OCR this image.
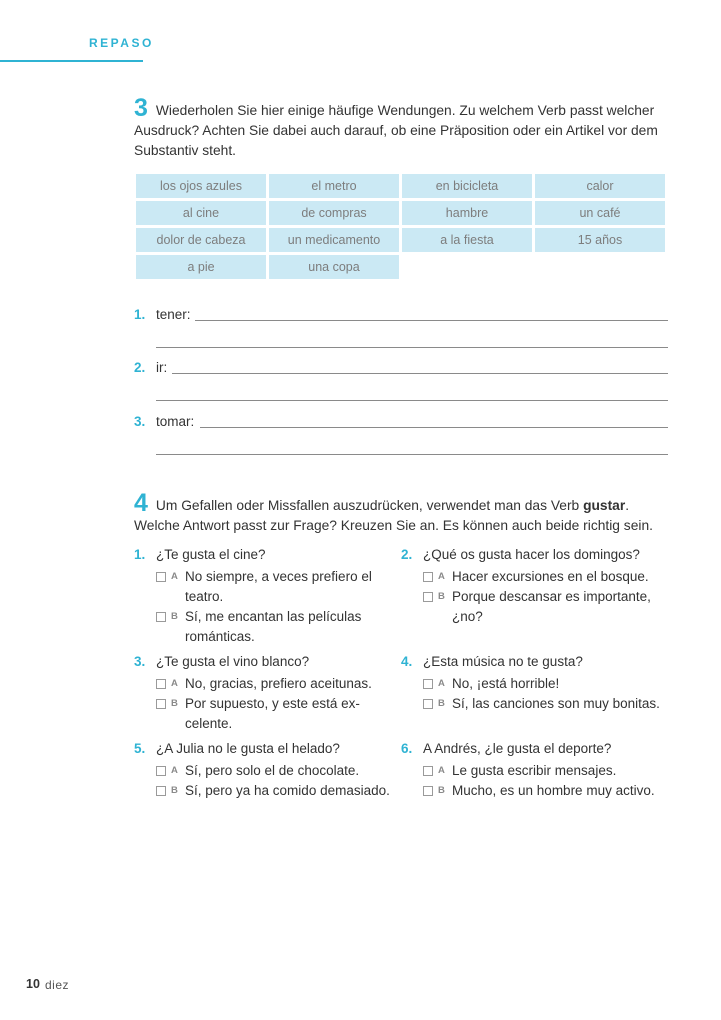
REPASO
3 Wiederholen Sie hier einige häufige Wendungen. Zu welchem Verb passt welcher Ausdruck? Achten Sie dabei auch darauf, ob eine Präposition oder ein Artikel vor dem Substantiv steht.
los ojos azules	el metro	en bicicleta	calor
al cine	de compras	hambre	un café
dolor de cabeza	un medicamento	a la fiesta	15 años
a pie	una copa
1. tener:
2. ir:
3. tomar:
4 Um Gefallen oder Missfallen auszudrücken, verwendet man das Verb gustar. Welche Antwort passt zur Frage? Kreuzen Sie an. Es können auch beide richtig sein.
1. ¿Te gusta el cine?
A No siempre, a veces prefiero el teatro.
B Sí, me encantan las películas románticas.
2. ¿Qué os gusta hacer los domingos?
A Hacer excursiones en el bosque.
B Porque descansar es importante, ¿no?
3. ¿Te gusta el vino blanco?
A No, gracias, prefiero aceitunas.
B Por supuesto, y este está ex-celente.
4. ¿Esta música no te gusta?
A No, ¡está horrible!
B Sí, las canciones son muy bonitas.
5. ¿A Julia no le gusta el helado?
A Sí, pero solo el de chocolate.
B Sí, pero ya ha comido demasiado.
6. A Andrés, ¿le gusta el deporte?
A Le gusta escribir mensajes.
B Mucho, es un hombre muy activo.
10 diez
